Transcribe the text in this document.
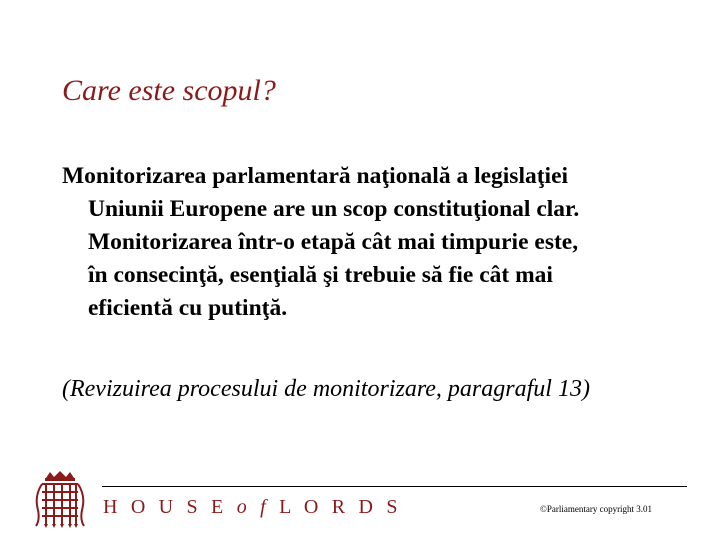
Care este scopul?
Monitorizarea parlamentară naţională a legislaţiei
Uniunii Europene are un scop constituţional clar.
Monitorizarea într-o etapă cât mai timpurie este,
în consecinţă, esenţială şi trebuie să fie cât mai
eficientă cu putinţă.
(Revizuirea procesului de monitorizare, paragraful 13)
H O U S E o f L O R D S	©Parliamentary copyright 3.01
